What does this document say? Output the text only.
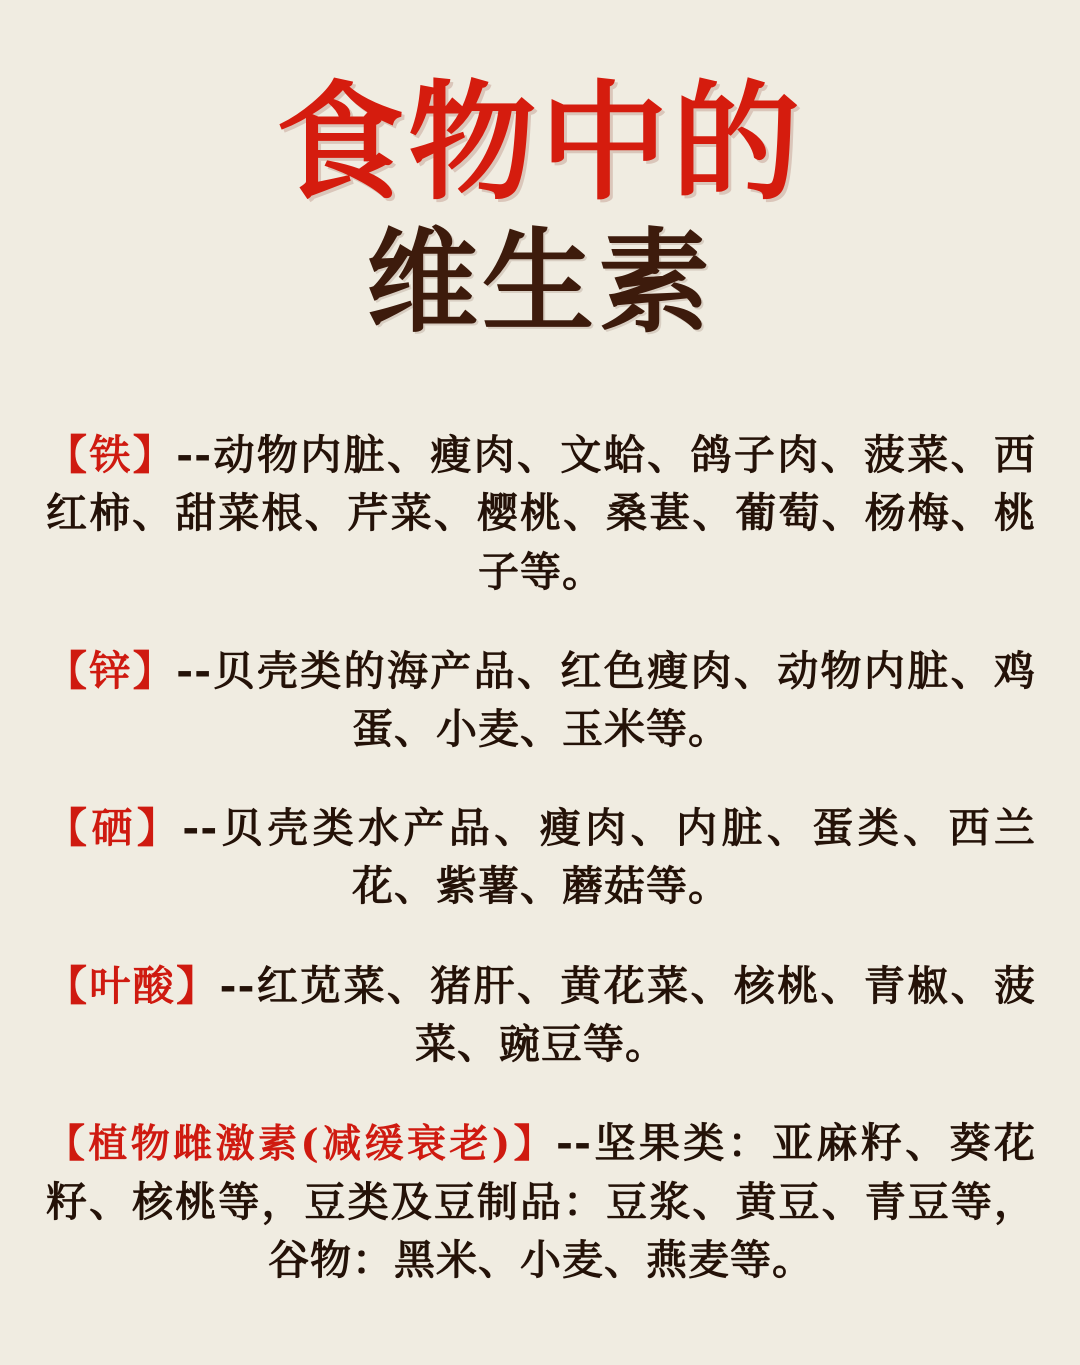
食物中的
维生素

【铁】--动物内脏、瘦肉、文蛤、鸽子肉、菠菜、西红柿、甜菜根、芹菜、樱桃、桑葚、葡萄、杨梅、桃子等。

【锌】--贝壳类的海产品、红色瘦肉、动物内脏、鸡蛋、小麦、玉米等。

【硒】--贝壳类水产品、瘦肉、内脏、蛋类、西兰花、紫薯、蘑菇等。

【叶酸】--红苋菜、猪肝、黄花菜、核桃、青椒、菠菜、豌豆等。

【植物雌激素(减缓衰老)】--坚果类：亚麻籽、葵花籽、核桃等，豆类及豆制品：豆浆、黄豆、青豆等，谷物：黑米、小麦、燕麦等。
